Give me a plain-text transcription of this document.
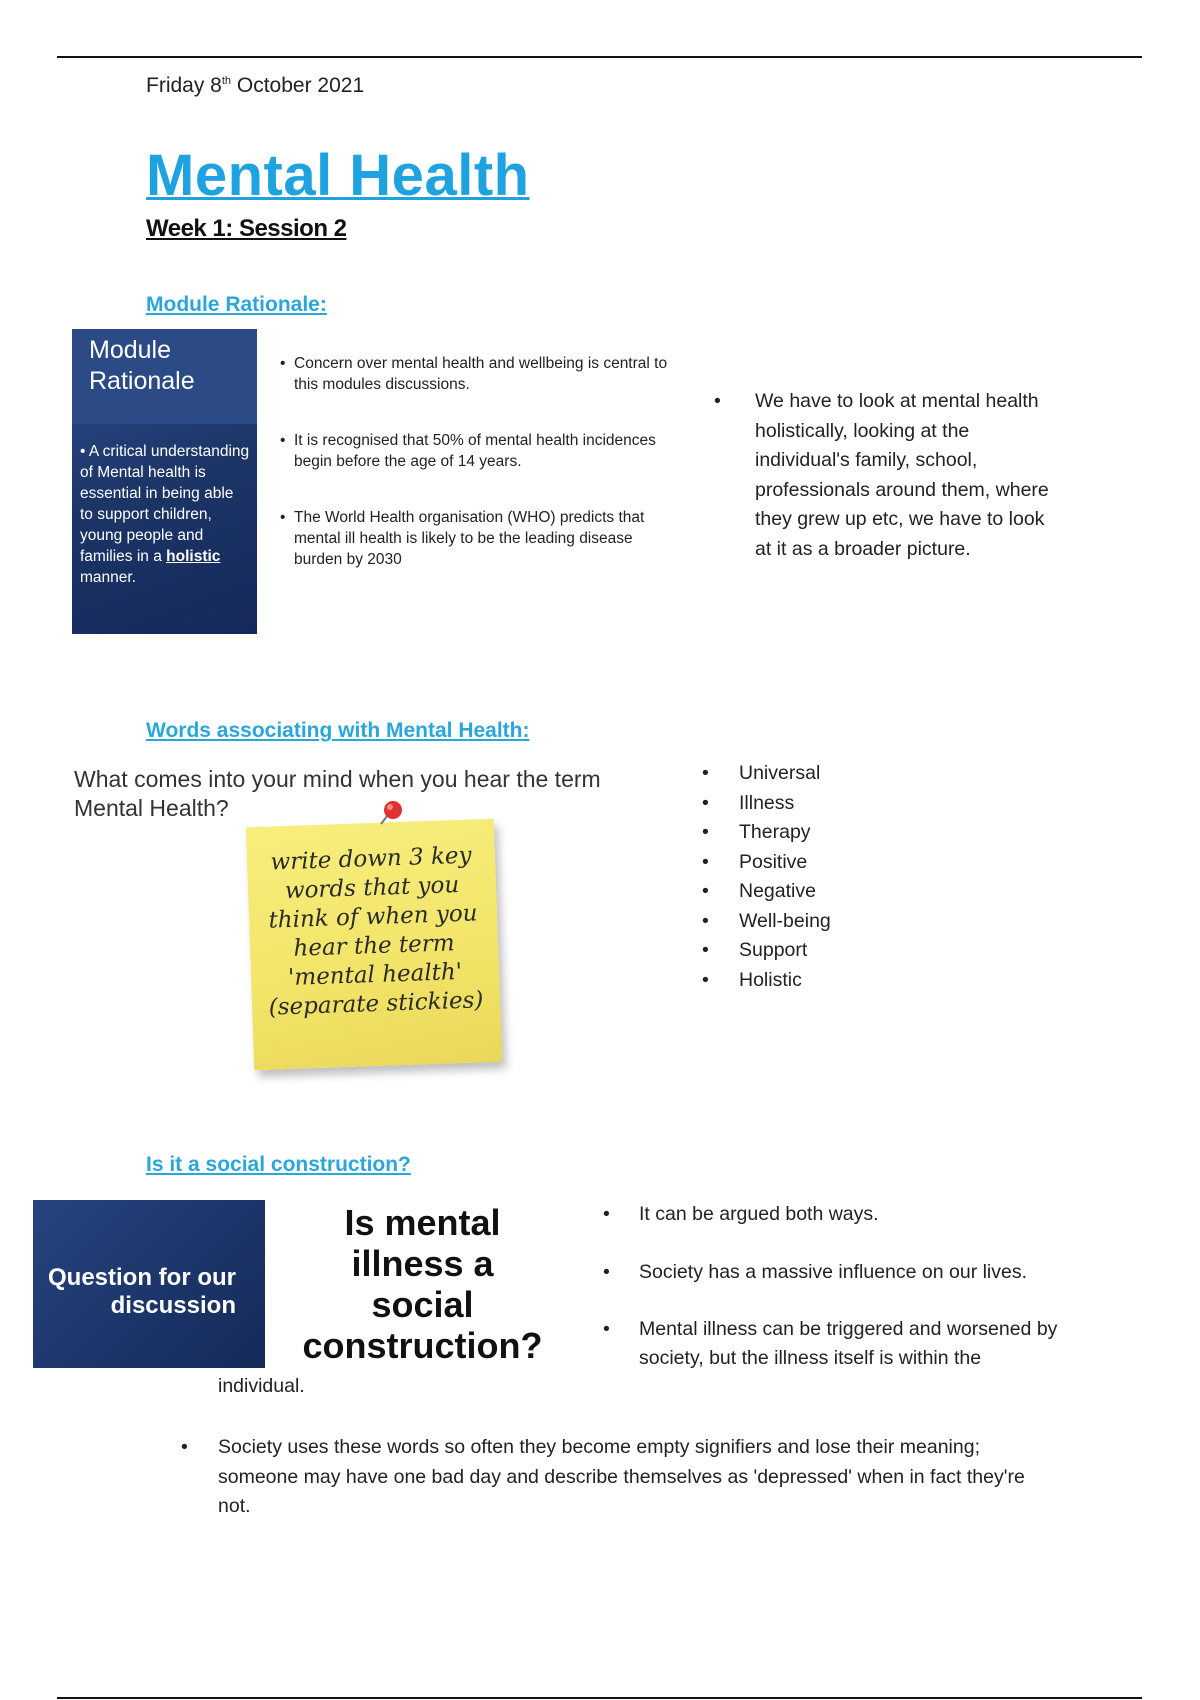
Friday 8th October 2021
Mental Health
Week 1: Session 2
Module Rationale:
Module
Rationale
• A critical understanding of Mental health is essential in being able to support children, young people and families in a holistic manner.
• Concern over mental health and wellbeing is central to this modules discussions.
• It is recognised that 50% of mental health incidences begin before the age of 14 years.
• The World Health organisation (WHO) predicts that mental ill health is likely to be the leading disease burden by 2030
•	We have to look at mental health holistically, looking at the individual's family, school, professionals around them, where they grew up etc, we have to look at it as a broader picture.
Words associating with Mental Health:
What comes into your mind when you hear the term Mental Health?
write down 3 key
words that you
think of when you
hear the term
'mental health'
(separate stickies)
• Universal
• Illness
• Therapy
• Positive
• Negative
• Well-being
• Support
• Holistic
Is it a social construction?
Question for our
discussion
Is mental
illness a
social
construction?
• It can be argued both ways.
• Society has a massive influence on our lives.
• Mental illness can be triggered and worsened by society, but the illness itself is within the
individual.
•	Society uses these words so often they become empty signifiers and lose their meaning; someone may have one bad day and describe themselves as 'depressed' when in fact they're not.
